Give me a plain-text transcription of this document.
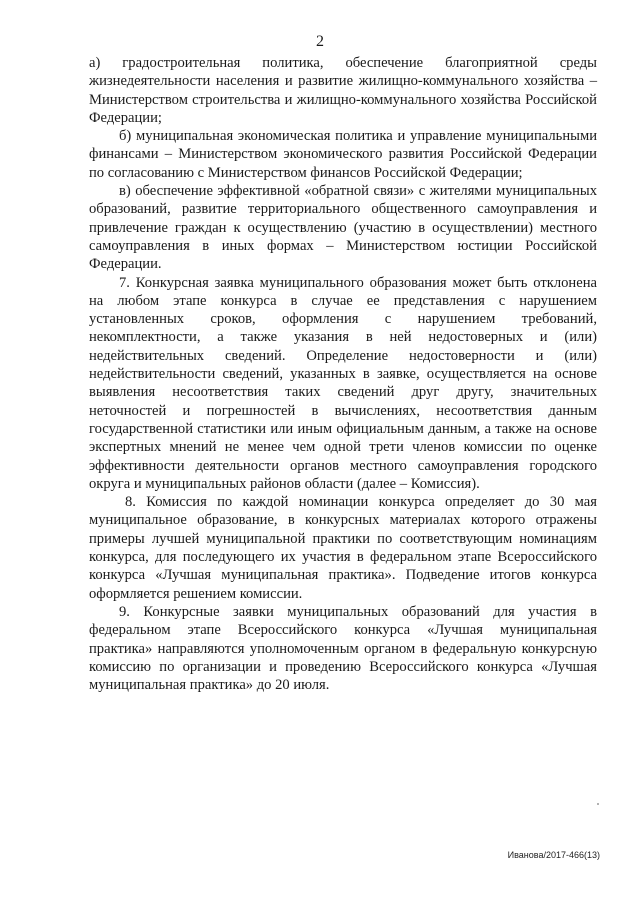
2

а) градостроительная политика, обеспечение благоприятной среды жизнедеятельности населения и развитие жилищно-коммунального хозяйства – Министерством строительства и жилищно-коммунального хозяйства Российской Федерации;

б) муниципальная экономическая политика и управление муниципальными финансами – Министерством экономического развития Российской Федерации по согласованию с Министерством финансов Российской Федерации;

в) обеспечение эффективной «обратной связи» с жителями муниципальных образований, развитие территориального общественного самоуправления и привлечение граждан к осуществлению (участию в осуществлении) местного самоуправления в иных формах – Министерством юстиции Российской Федерации.

7. Конкурсная заявка муниципального образования может быть отклонена на любом этапе конкурса в случае ее представления с нарушением установленных сроков, оформления с нарушением требований, некомплектности, а также указания в ней недостоверных и (или) недействительных сведений. Определение недостоверности и (или) недействительности сведений, указанных в заявке, осуществляется на основе выявления несоответствия таких сведений друг другу, значительных неточностей и погрешностей в вычислениях, несоответствия данным государственной статистики или иным официальным данным, а также на основе экспертных мнений не менее чем одной трети членов комиссии по оценке эффективности деятельности органов местного самоуправления городского округа и муниципальных районов области (далее – Комиссия).

8. Комиссия по каждой номинации конкурса определяет до 30 мая муниципальное образование, в конкурсных материалах которого отражены примеры лучшей муниципальной практики по соответствующим номинациям конкурса, для последующего их участия в федеральном этапе Всероссийского конкурса «Лучшая муниципальная практика». Подведение итогов конкурса оформляется решением комиссии.

9. Конкурсные заявки муниципальных образований для участия в федеральном этапе Всероссийского конкурса «Лучшая муниципальная практика» направляются уполномоченным органом в федеральную конкурсную комиссию по организации и проведению Всероссийского конкурса «Лучшая муниципальная практика» до 20 июля.

Иванова/2017-466(13)
